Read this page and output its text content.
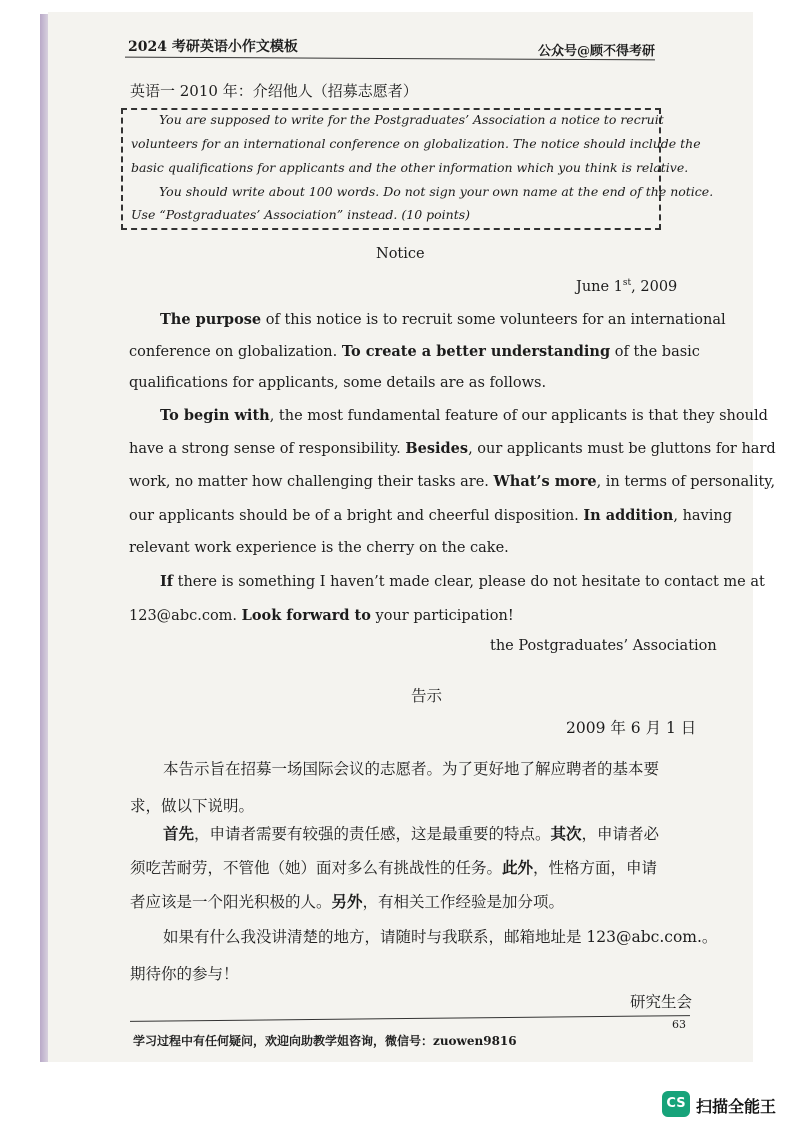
2024 考研英语小作文模板	公众号@顾不得考研
英语一 2010 年：介绍他人（招募志愿者）

You are supposed to write for the Postgraduates’ Association a notice to recruit

volunteers for an international conference on globalization. The notice should include the

basic qualifications for applicants and the other information which you think is relative.

You should write about 100 words. Do not sign your own name at the end of the notice.

Use “Postgraduates’ Association” instead. (10 points)

Notice
June 1st, 2009

The purpose of this notice is to recruit some volunteers for an international

conference on globalization. To create a better understanding of the basic

qualifications for applicants, some details are as follows.

To begin with, the most fundamental feature of our applicants is that they should

have a strong sense of responsibility. Besides, our applicants must be gluttons for hard

work, no matter how challenging their tasks are. What’s more, in terms of personality,

our applicants should be of a bright and cheerful disposition. In addition, having

relevant work experience is the cherry on the cake.

If there is something I haven’t made clear, please do not hesitate to contact me at

123@abc.com. Look forward to your participation!

the Postgraduates’ Association

告示
2009 年 6 月 1 日

本告示旨在招募一场国际会议的志愿者。为了更好地了解应聘者的基本要

求，做以下说明。

首先，申请者需要有较强的责任感，这是最重要的特点。其次，申请者必

须吃苦耐劳，不管他（她）面对多么有挑战性的任务。此外，性格方面，申请

者应该是一个阳光积极的人。另外，有相关工作经验是加分项。

如果有什么我没讲清楚的地方，请随时与我联系，邮箱地址是 123@abc.com.。

期待你的参与！

研究生会
63
学习过程中有任何疑问，欢迎向助教学姐咨询，微信号：zuowen9816
CS 扫描全能王
